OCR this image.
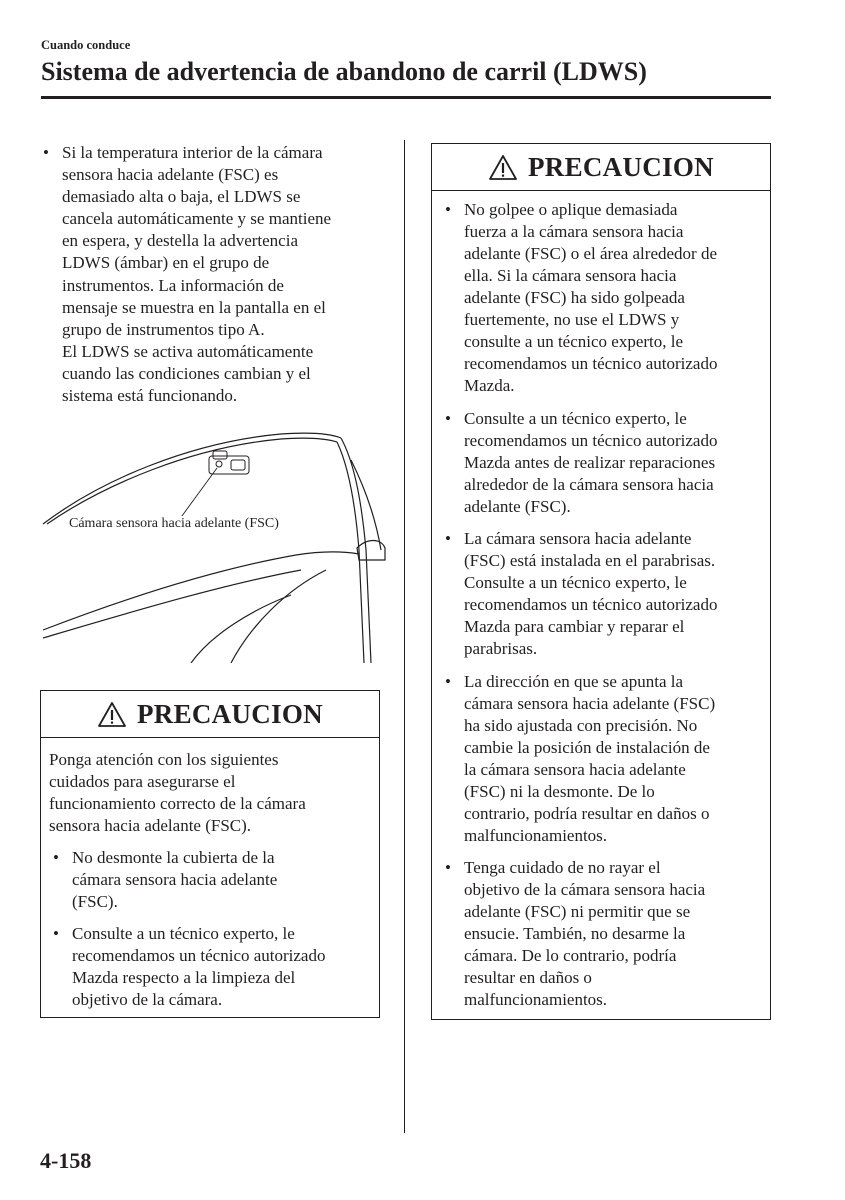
Cuando conduce

Sistema de advertencia de abandono de carril (LDWS)
• Si la temperatura interior de la cámara
sensora hacia adelante (FSC) es
demasiado alta o baja, el LDWS se
cancela automáticamente y se mantiene
en espera, y destella la advertencia
LDWS (ámbar) en el grupo de
instrumentos. La información de
mensaje se muestra en la pantalla en el
grupo de instrumentos tipo A.
El LDWS se activa automáticamente
cuando las condiciones cambian y el
sistema está funcionando.
Cámara sensora hacia adelante (FSC)
PRECAUCION

Ponga atención con los siguientes
cuidados para asegurarse el
funcionamiento correcto de la cámara
sensora hacia adelante (FSC).

• No desmonte la cubierta de la
cámara sensora hacia adelante
(FSC).
• Consulte a un técnico experto, le
recomendamos un técnico autorizado
Mazda respecto a la limpieza del
objetivo de la cámara.
PRECAUCION
• No golpee o aplique demasiada
fuerza a la cámara sensora hacia
adelante (FSC) o el área alrededor de
ella. Si la cámara sensora hacia
adelante (FSC) ha sido golpeada
fuertemente, no use el LDWS y
consulte a un técnico experto, le
recomendamos un técnico autorizado
Mazda.
• Consulte a un técnico experto, le
recomendamos un técnico autorizado
Mazda antes de realizar reparaciones
alrededor de la cámara sensora hacia
adelante (FSC).
• La cámara sensora hacia adelante
(FSC) está instalada en el parabrisas.
Consulte a un técnico experto, le
recomendamos un técnico autorizado
Mazda para cambiar y reparar el
parabrisas.
• La dirección en que se apunta la
cámara sensora hacia adelante (FSC)
ha sido ajustada con precisión. No
cambie la posición de instalación de
la cámara sensora hacia adelante
(FSC) ni la desmonte. De lo
contrario, podría resultar en daños o
malfuncionamientos.
• Tenga cuidado de no rayar el
objetivo de la cámara sensora hacia
adelante (FSC) ni permitir que se
ensucie. También, no desarme la
cámara. De lo contrario, podría
resultar en daños o
malfuncionamientos.

4-158
